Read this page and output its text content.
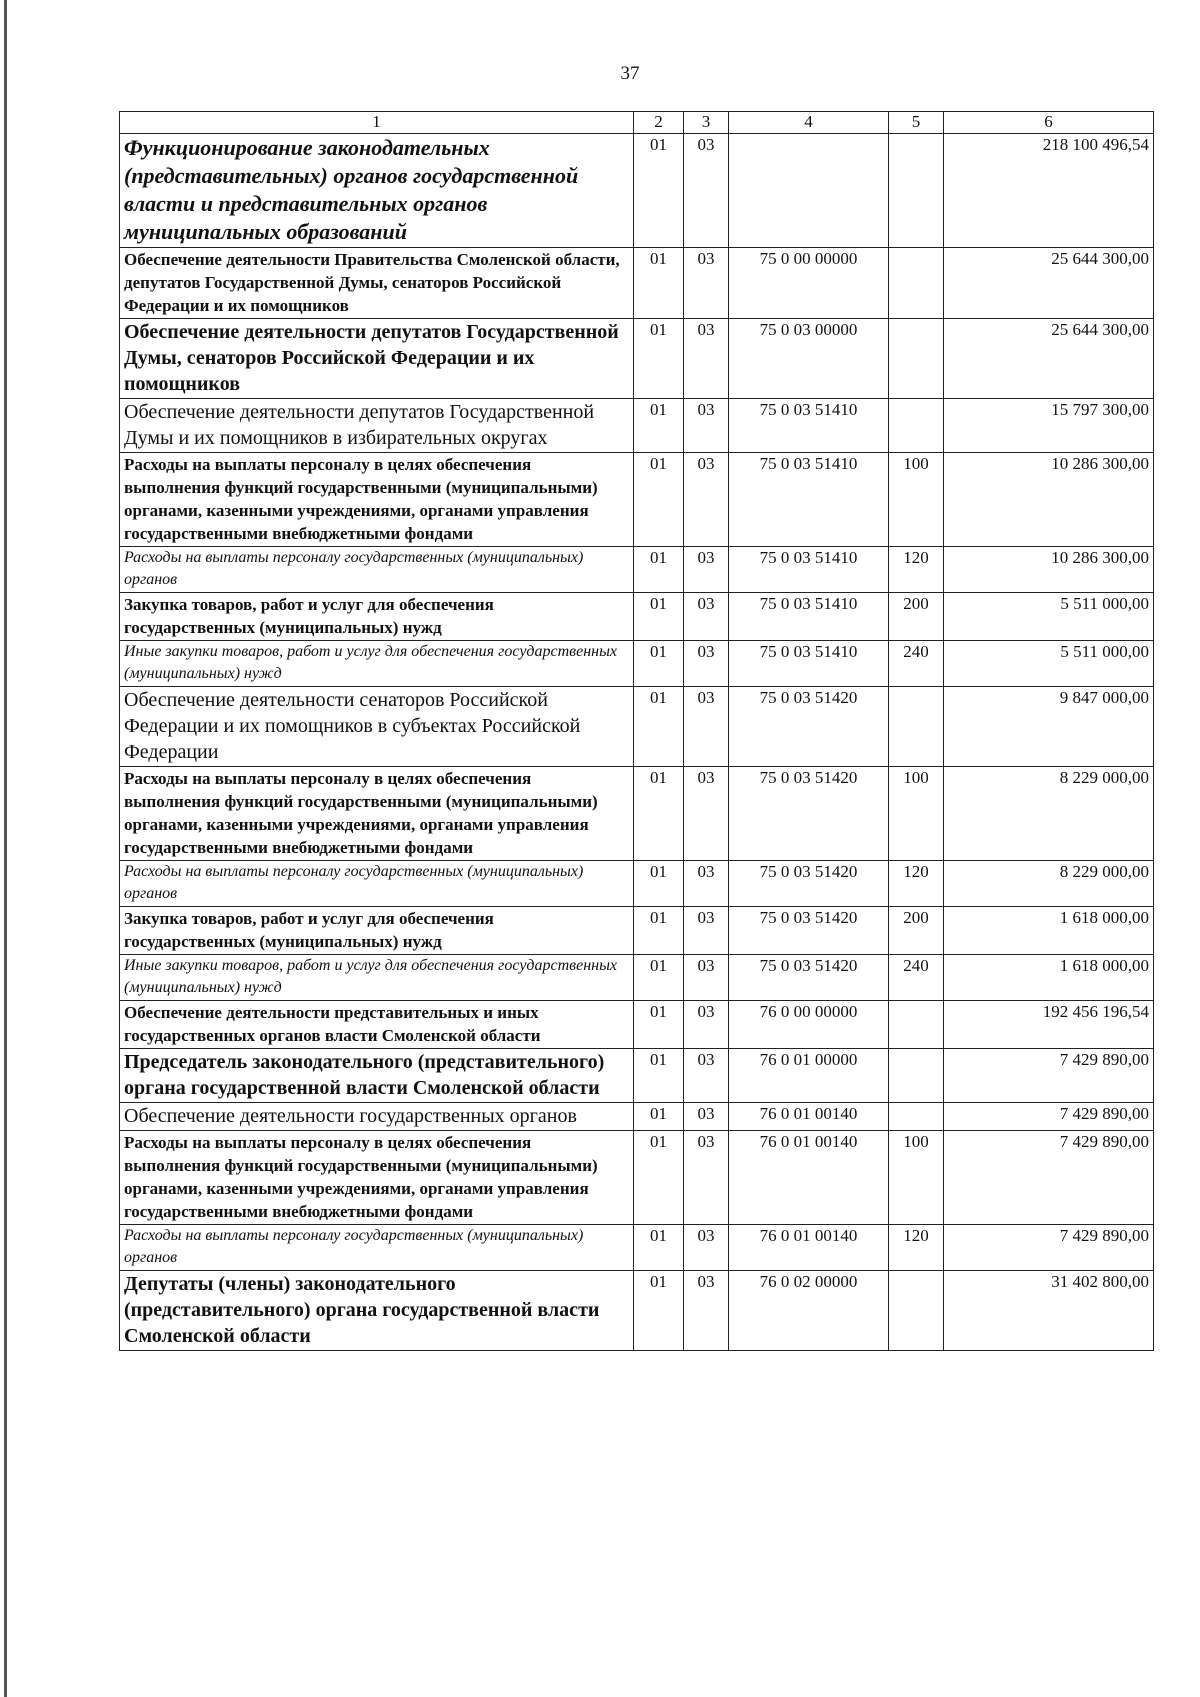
37
1	2	3	4	5	6
Функционирование законодательных (представительных) органов государственной власти и представительных органов муниципальных образований	01	03			218 100 496,54
Обеспечение деятельности Правительства Смоленской области, депутатов Государственной Думы, сенаторов Российской Федерации и их помощников	01	03	75 0 00 00000		25 644 300,00
Обеспечение деятельности депутатов Государственной Думы, сенаторов Российской Федерации и их помощников	01	03	75 0 03 00000		25 644 300,00
Обеспечение деятельности депутатов Государственной Думы и их помощников в избирательных округах	01	03	75 0 03 51410		15 797 300,00
Расходы на выплаты персоналу в целях обеспечения выполнения функций государственными (муниципальными) органами, казенными учреждениями, органами управления государственными внебюджетными фондами	01	03	75 0 03 51410	100	10 286 300,00
Расходы на выплаты персоналу государственных (муниципальных) органов	01	03	75 0 03 51410	120	10 286 300,00
Закупка товаров, работ и услуг для обеспечения государственных (муниципальных) нужд	01	03	75 0 03 51410	200	5 511 000,00
Иные закупки товаров, работ и услуг для обеспечения государственных (муниципальных) нужд	01	03	75 0 03 51410	240	5 511 000,00
Обеспечение деятельности сенаторов Российской Федерации и их помощников в субъектах Российской Федерации	01	03	75 0 03 51420		9 847 000,00
Расходы на выплаты персоналу в целях обеспечения выполнения функций государственными (муниципальными) органами, казенными учреждениями, органами управления государственными внебюджетными фондами	01	03	75 0 03 51420	100	8 229 000,00
Расходы на выплаты персоналу государственных (муниципальных) органов	01	03	75 0 03 51420	120	8 229 000,00
Закупка товаров, работ и услуг для обеспечения государственных (муниципальных) нужд	01	03	75 0 03 51420	200	1 618 000,00
Иные закупки товаров, работ и услуг для обеспечения государственных (муниципальных) нужд	01	03	75 0 03 51420	240	1 618 000,00
Обеспечение деятельности представительных и иных государственных органов власти Смоленской области	01	03	76 0 00 00000		192 456 196,54
Председатель законодательного (представительного) органа государственной власти Смоленской области	01	03	76 0 01 00000		7 429 890,00
Обеспечение деятельности государственных органов	01	03	76 0 01 00140		7 429 890,00
Расходы на выплаты персоналу в целях обеспечения выполнения функций государственными (муниципальными) органами, казенными учреждениями, органами управления государственными внебюджетными фондами	01	03	76 0 01 00140	100	7 429 890,00
Расходы на выплаты персоналу государственных (муниципальных) органов	01	03	76 0 01 00140	120	7 429 890,00
Депутаты (члены) законодательного (представительного) органа государственной власти Смоленской области	01	03	76 0 02 00000		31 402 800,00
